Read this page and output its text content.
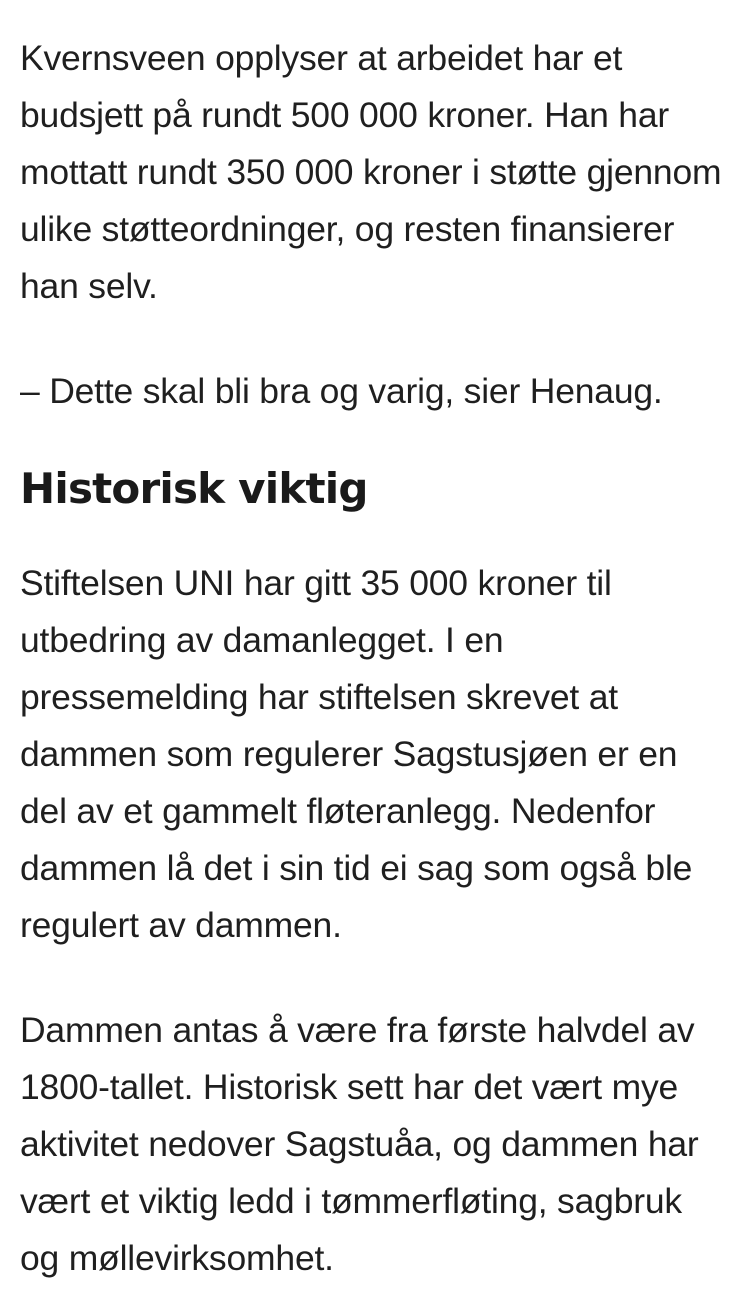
Kvernsveen opplyser at arbeidet har et budsjett på rundt 500 000 kroner. Han har mottatt rundt 350 000 kroner i støtte gjennom ulike støtteordninger, og resten finansierer han selv.

– Dette skal bli bra og varig, sier Henaug.

Historisk viktig

Stiftelsen UNI har gitt 35 000 kroner til utbedring av damanlegget. I en pressemelding har stiftelsen skrevet at dammen som regulerer Sagstusjøen er en del av et gammelt fløteranlegg. Nedenfor dammen lå det i sin tid ei sag som også ble regulert av dammen.

Dammen antas å være fra første halvdel av 1800-tallet. Historisk sett har det vært mye aktivitet nedover Sagstuåa, og dammen har vært et viktig ledd i tømmerfløting, sagbruk og møllevirksomhet.
